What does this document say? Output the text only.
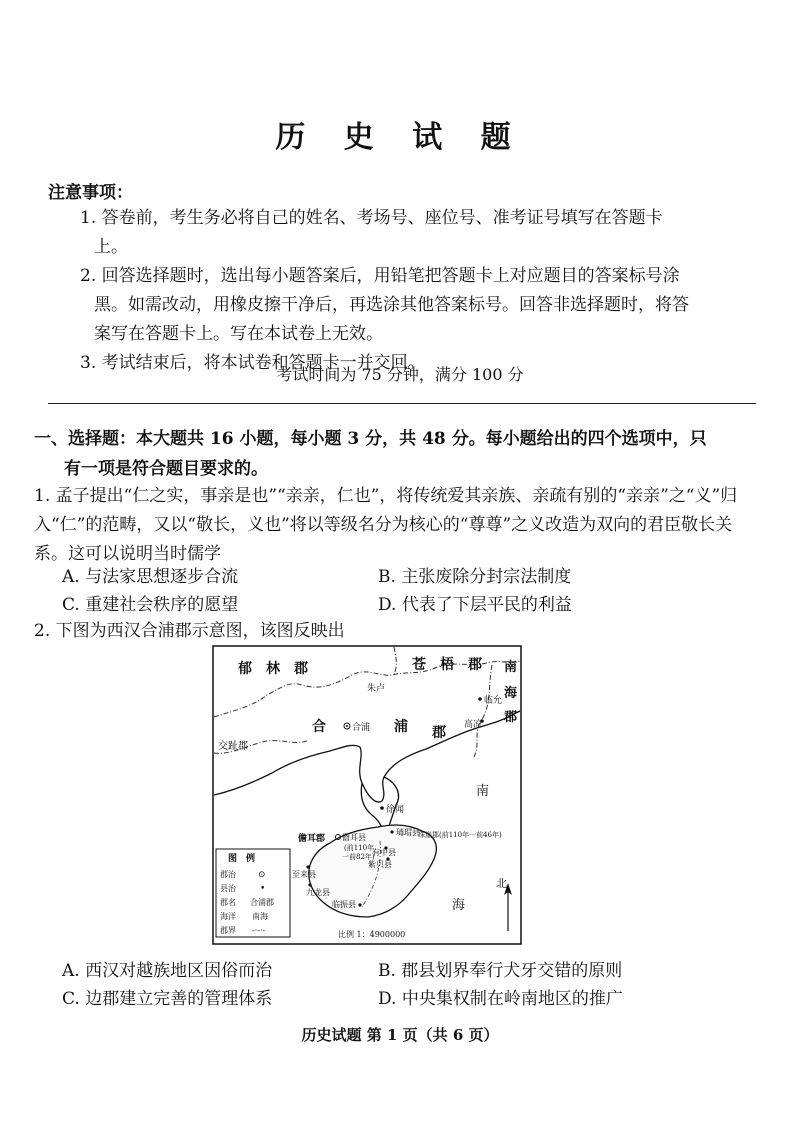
历 史 试 题
注意事项：

1. 答卷前，考生务必将自己的姓名、考场号、座位号、准考证号填写在答题卡上。

2. 回答选择题时，选出每小题答案后，用铅笔把答题卡上对应题目的答案标号涂黑。如需改动，用橡皮擦干净后，再选涂其他答案标号。回答非选择题时，将答案写在答题卡上。写在本试卷上无效。

3. 考试结束后，将本试卷和答题卡一并交回。

考试时间为 75 分钟，满分 100 分
一、选择题：本大题共 16 小题，每小题 3 分，共 48 分。每小题给出的四个选项中，只
有一项是符合题目要求的。
1. 孟子提出“仁之实，事亲是也”“亲亲，仁也”，将传统爱其亲族、亲疏有别的“亲亲”之“义”归入“仁”的范畴，又以“敬长，义也”将以等级名分为核心的“尊尊”之义改造为双向的君臣敬长关系。这可以说明当时儒学
A. 与法家思想逐步合流	B. 主张废除分封宗法制度
C. 重建社会秩序的愿望	D. 代表了下层平民的利益
2. 下图为西汉合浦郡示意图，该图反映出
郁　林　郡	苍　梧　郡 南
海
郡
朱卢
合	合浦 浦 郡
临允
高凉
交趾郡
徐闻
南
海
儋耳郡 儋耳县
(前110年
一前82年)
瑇瑁县
珠崖郡(前110年一前46年)
有中县
紫贝县
至来县
九龙县
临振县
图　例
郡治 ⊙
县治	•
郡名 合浦郡
海洋 南海
郡界 -·-·-
北
比例 1：4900000
A. 西汉对越族地区因俗而治	B. 郡县划界奉行犬牙交错的原则
C. 边郡建立完善的管理体系	D. 中央集权制在岭南地区的推广
历史试题 第 1 页（共 6 页）
